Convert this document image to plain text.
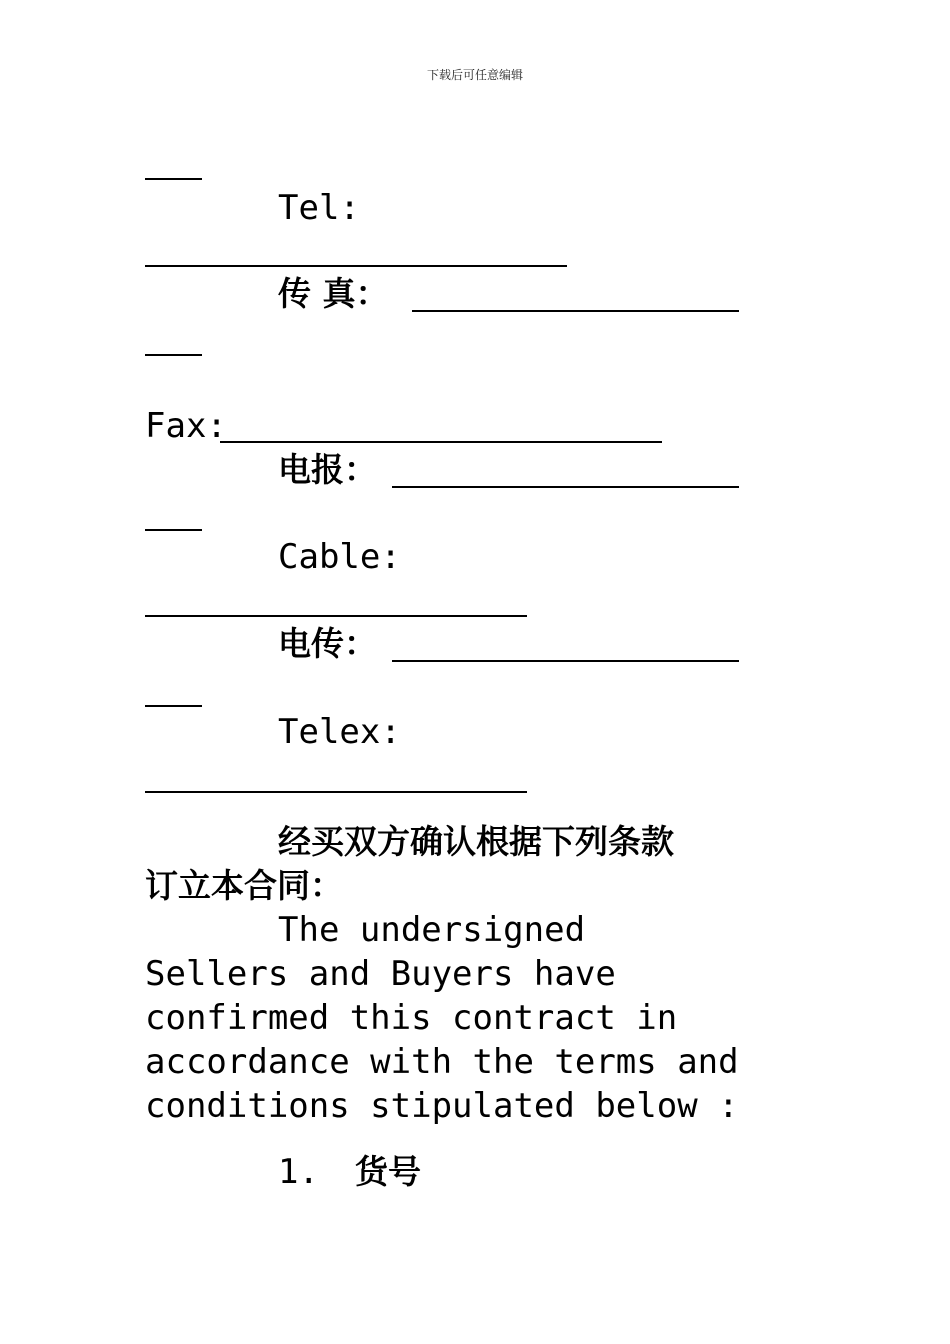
下载后可任意编辑
Tel:
传 真：
Fax:
电报：
Cable:
电传：
Telex:
经买双方确认根据下列条款
订立本合同：
The undersigned Sellers and Buyers have confirmed this contract in accordance with the terms and conditions stipulated below :
1. 货号
